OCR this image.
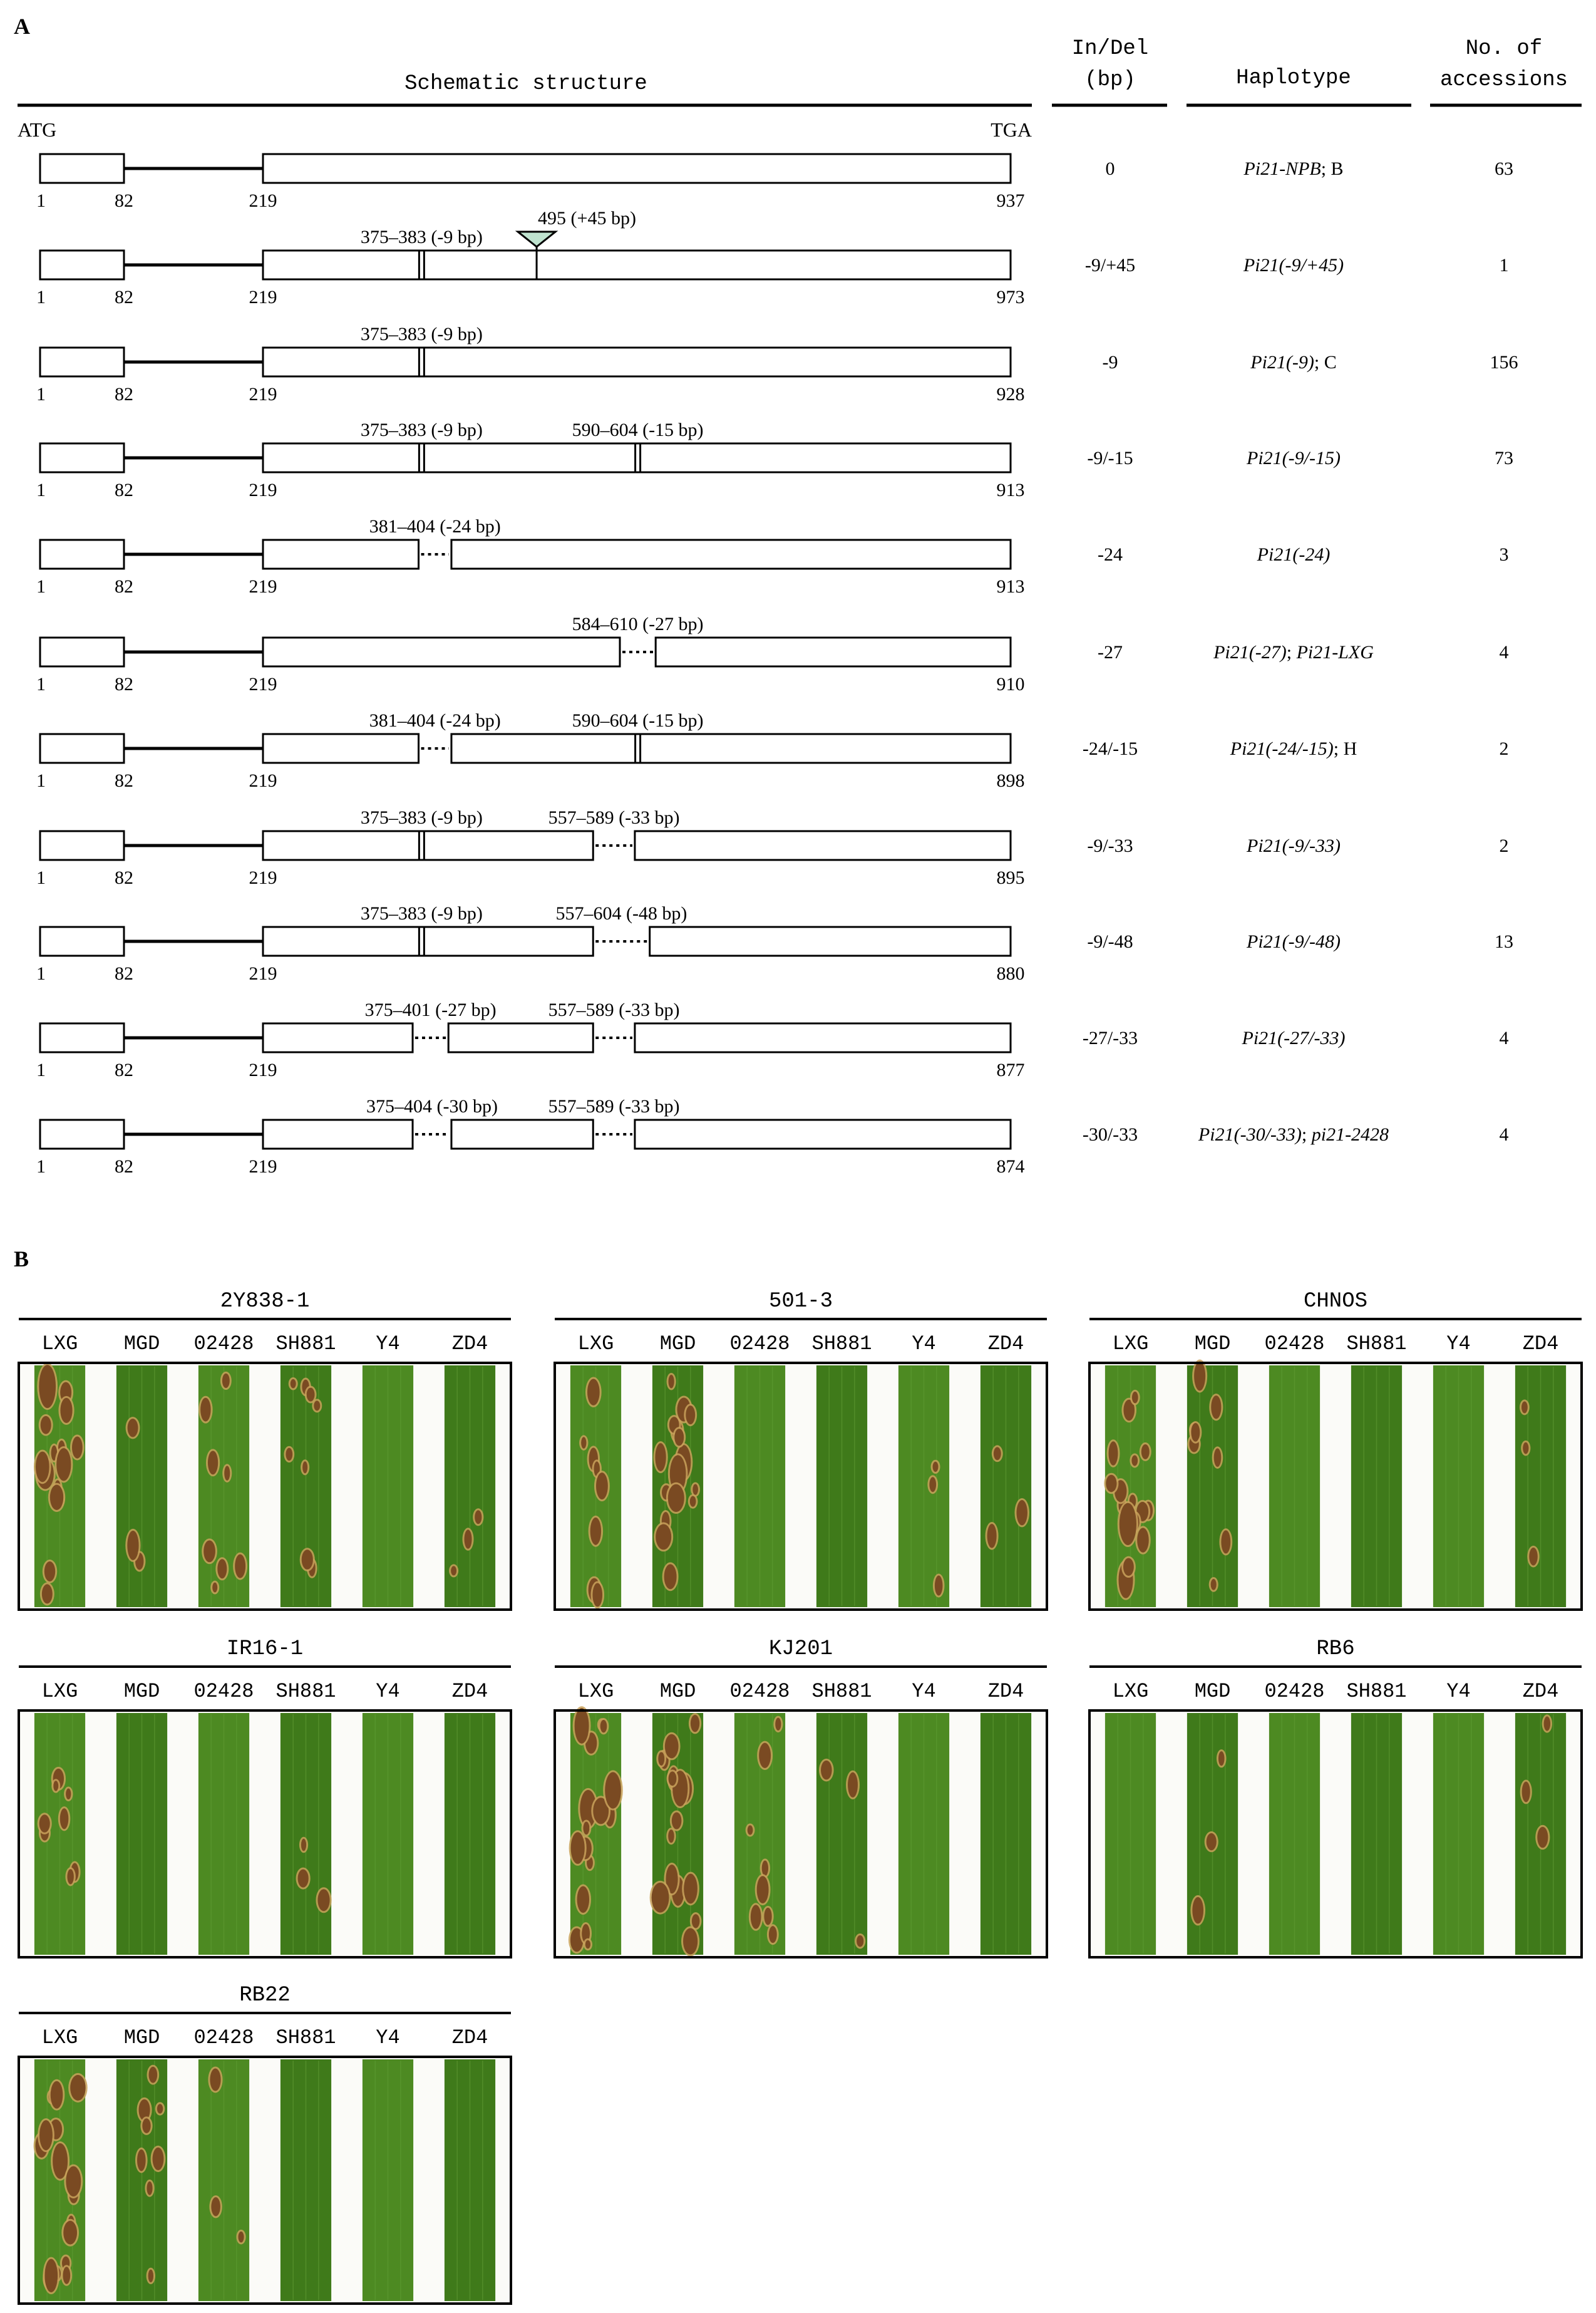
A
Schematic structure
In/Del
(bp)	Haplotype
No. of
accessions
ATG	TGA
1	82	219	937
0	Pi21-NPB; B	63
495 (+45 bp)
375–383 (-9 bp)
1	82	219	973
-9/+45	Pi21(-9/+45)	1
375–383 (-9 bp)
1	82	219	928
-9	Pi21(-9); C	156
375–383 (-9 bp)	590–604 (-15 bp)
1	82	219	913
-9/-15	Pi21(-9/-15)	73
381–404 (-24 bp)
1	82	219	913
-24	Pi21(-24)	3
584–610 (-27 bp)
1	82	219	910
-27	Pi21(-27); Pi21-LXG	4
381–404 (-24 bp)	590–604 (-15 bp)
1	82	219	898
-24/-15	Pi21(-24/-15); H	2
375–383 (-9 bp)	557–589 (-33 bp)
1	82	219	895
-9/-33	Pi21(-9/-33)	2
375–383 (-9 bp)	557–604 (-48 bp)
1	82	219	880
-9/-48	Pi21(-9/-48)	13
375–401 (-27 bp)	557–589 (-33 bp)
1	82	219	877
-27/-33	Pi21(-27/-33)	4
375–404 (-30 bp)	557–589 (-33 bp)
1	82	219	874
-30/-33	Pi21(-30/-33); pi21-2428	4
B
2Y838-1
LXG MGD 02428 SH881 Y4	ZD4
501-3
LXG MGD 02428 SH881 Y4	ZD4
CHNOS
LXG MGD 02428 SH881 Y4	ZD4
IR16-1
LXG MGD 02428 SH881 Y4	ZD4
KJ201
LXG MGD 02428 SH881 Y4	ZD4
RB6
LXG MGD 02428 SH881 Y4	ZD4
RB22
LXG MGD 02428 SH881 Y4	ZD4
